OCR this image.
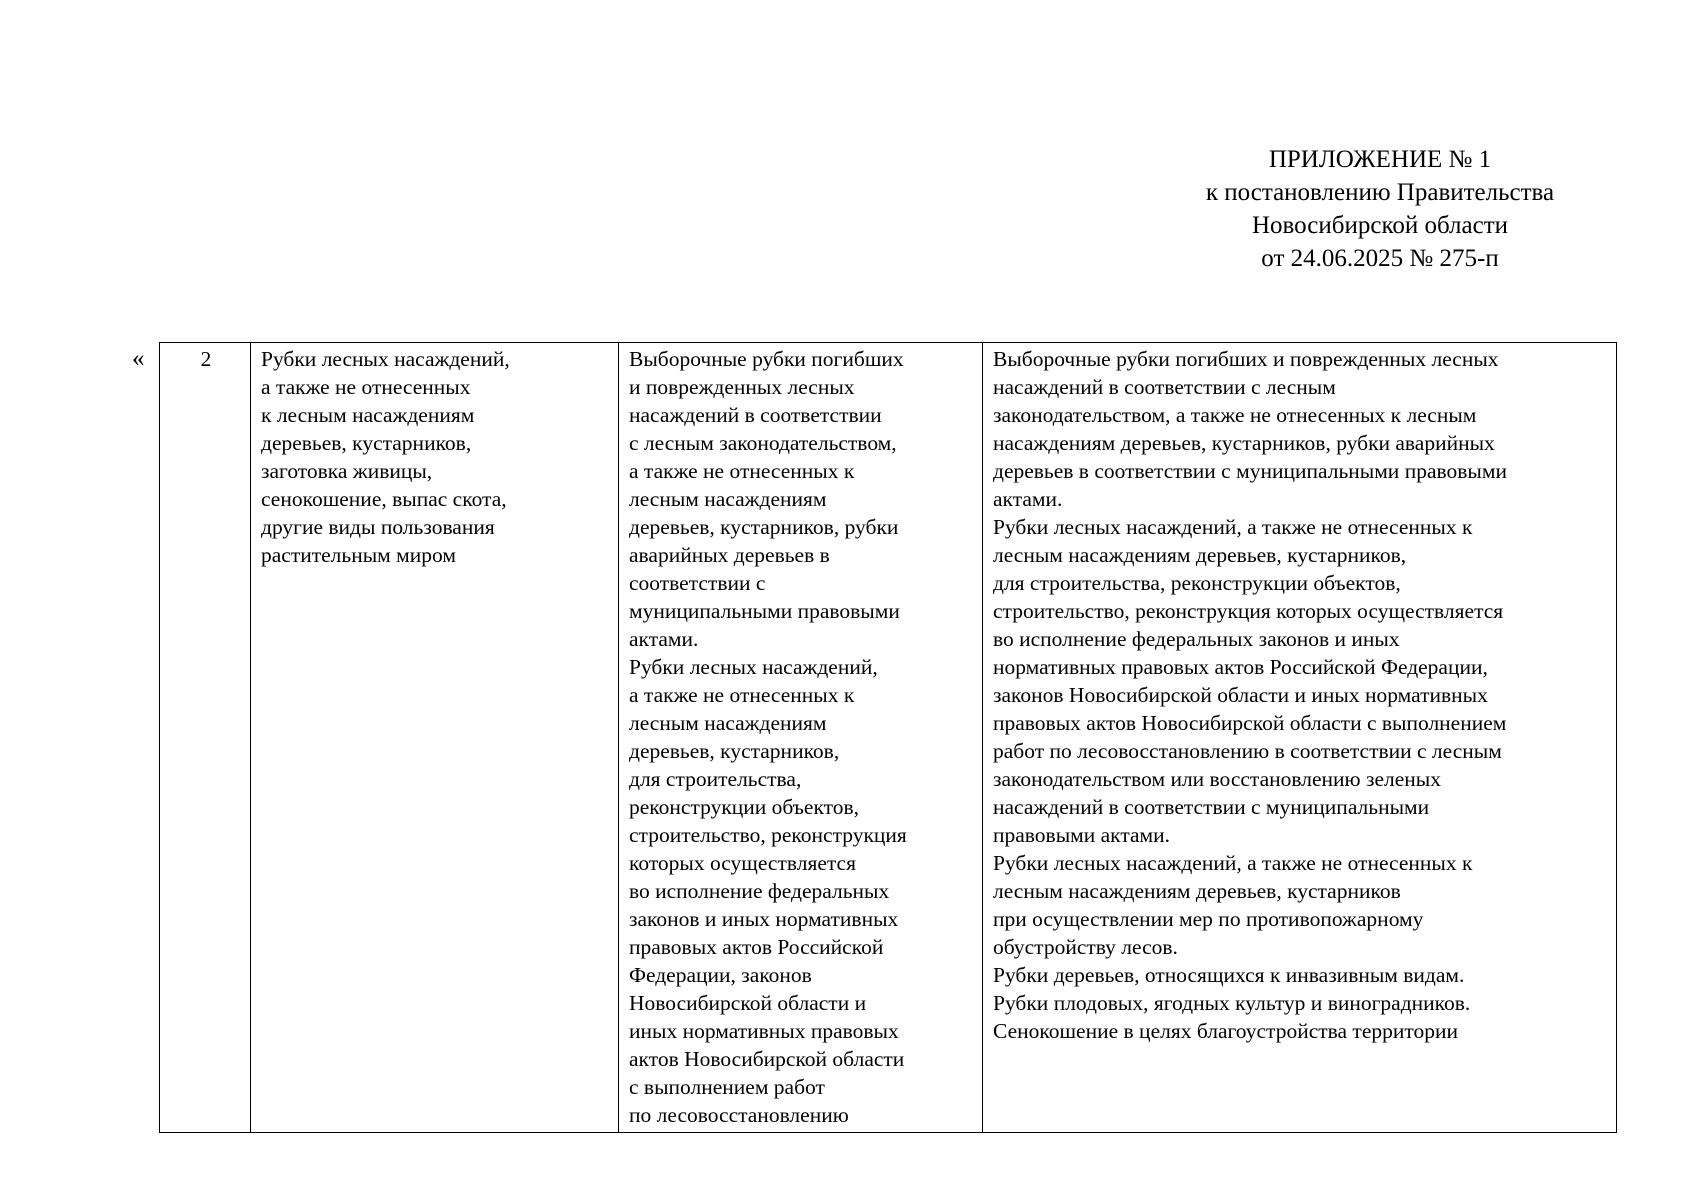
ПРИЛОЖЕНИЕ № 1
к постановлению Правительства
Новосибирской области
от 24.06.2025 № 275-п
«	2	Рубки лесных насаждений,
а также не отнесенных
к лесным насаждениям
деревьев, кустарников,
заготовка живицы,
сенокошение, выпас скота,
другие виды пользования
растительным миром

Выборочные рубки погибших
и поврежденных лесных
насаждений в соответствии
с лесным законодательством,
а также не отнесенных к
лесным насаждениям
деревьев, кустарников, рубки
аварийных деревьев в
соответствии с
муниципальными правовыми
актами.
Рубки лесных насаждений,
а также не отнесенных к
лесным насаждениям
деревьев, кустарников,
для строительства,
реконструкции объектов,
строительство, реконструкция
которых осуществляется
во исполнение федеральных
законов и иных нормативных
правовых актов Российской
Федерации, законов
Новосибирской области и
иных нормативных правовых
актов Новосибирской области
с выполнением работ
по лесовосстановлению

Выборочные рубки погибших и поврежденных лесных
насаждений в соответствии с лесным
законодательством, а также не отнесенных к лесным
насаждениям деревьев, кустарников, рубки аварийных
деревьев в соответствии с муниципальными правовыми
актами.
Рубки лесных насаждений, а также не отнесенных к
лесным насаждениям деревьев, кустарников,
для строительства, реконструкции объектов,
строительство, реконструкция которых осуществляется
во исполнение федеральных законов и иных
нормативных правовых актов Российской Федерации,
законов Новосибирской области и иных нормативных
правовых актов Новосибирской области с выполнением
работ по лесовосстановлению в соответствии с лесным
законодательством или восстановлению зеленых
насаждений в соответствии с муниципальными
правовыми актами.
Рубки лесных насаждений, а также не отнесенных к
лесным насаждениям деревьев, кустарников
при осуществлении мер по противопожарному
обустройству лесов.
Рубки деревьев, относящихся к инвазивным видам.
Рубки плодовых, ягодных культур и виноградников.
Сенокошение в целях благоустройства территории
